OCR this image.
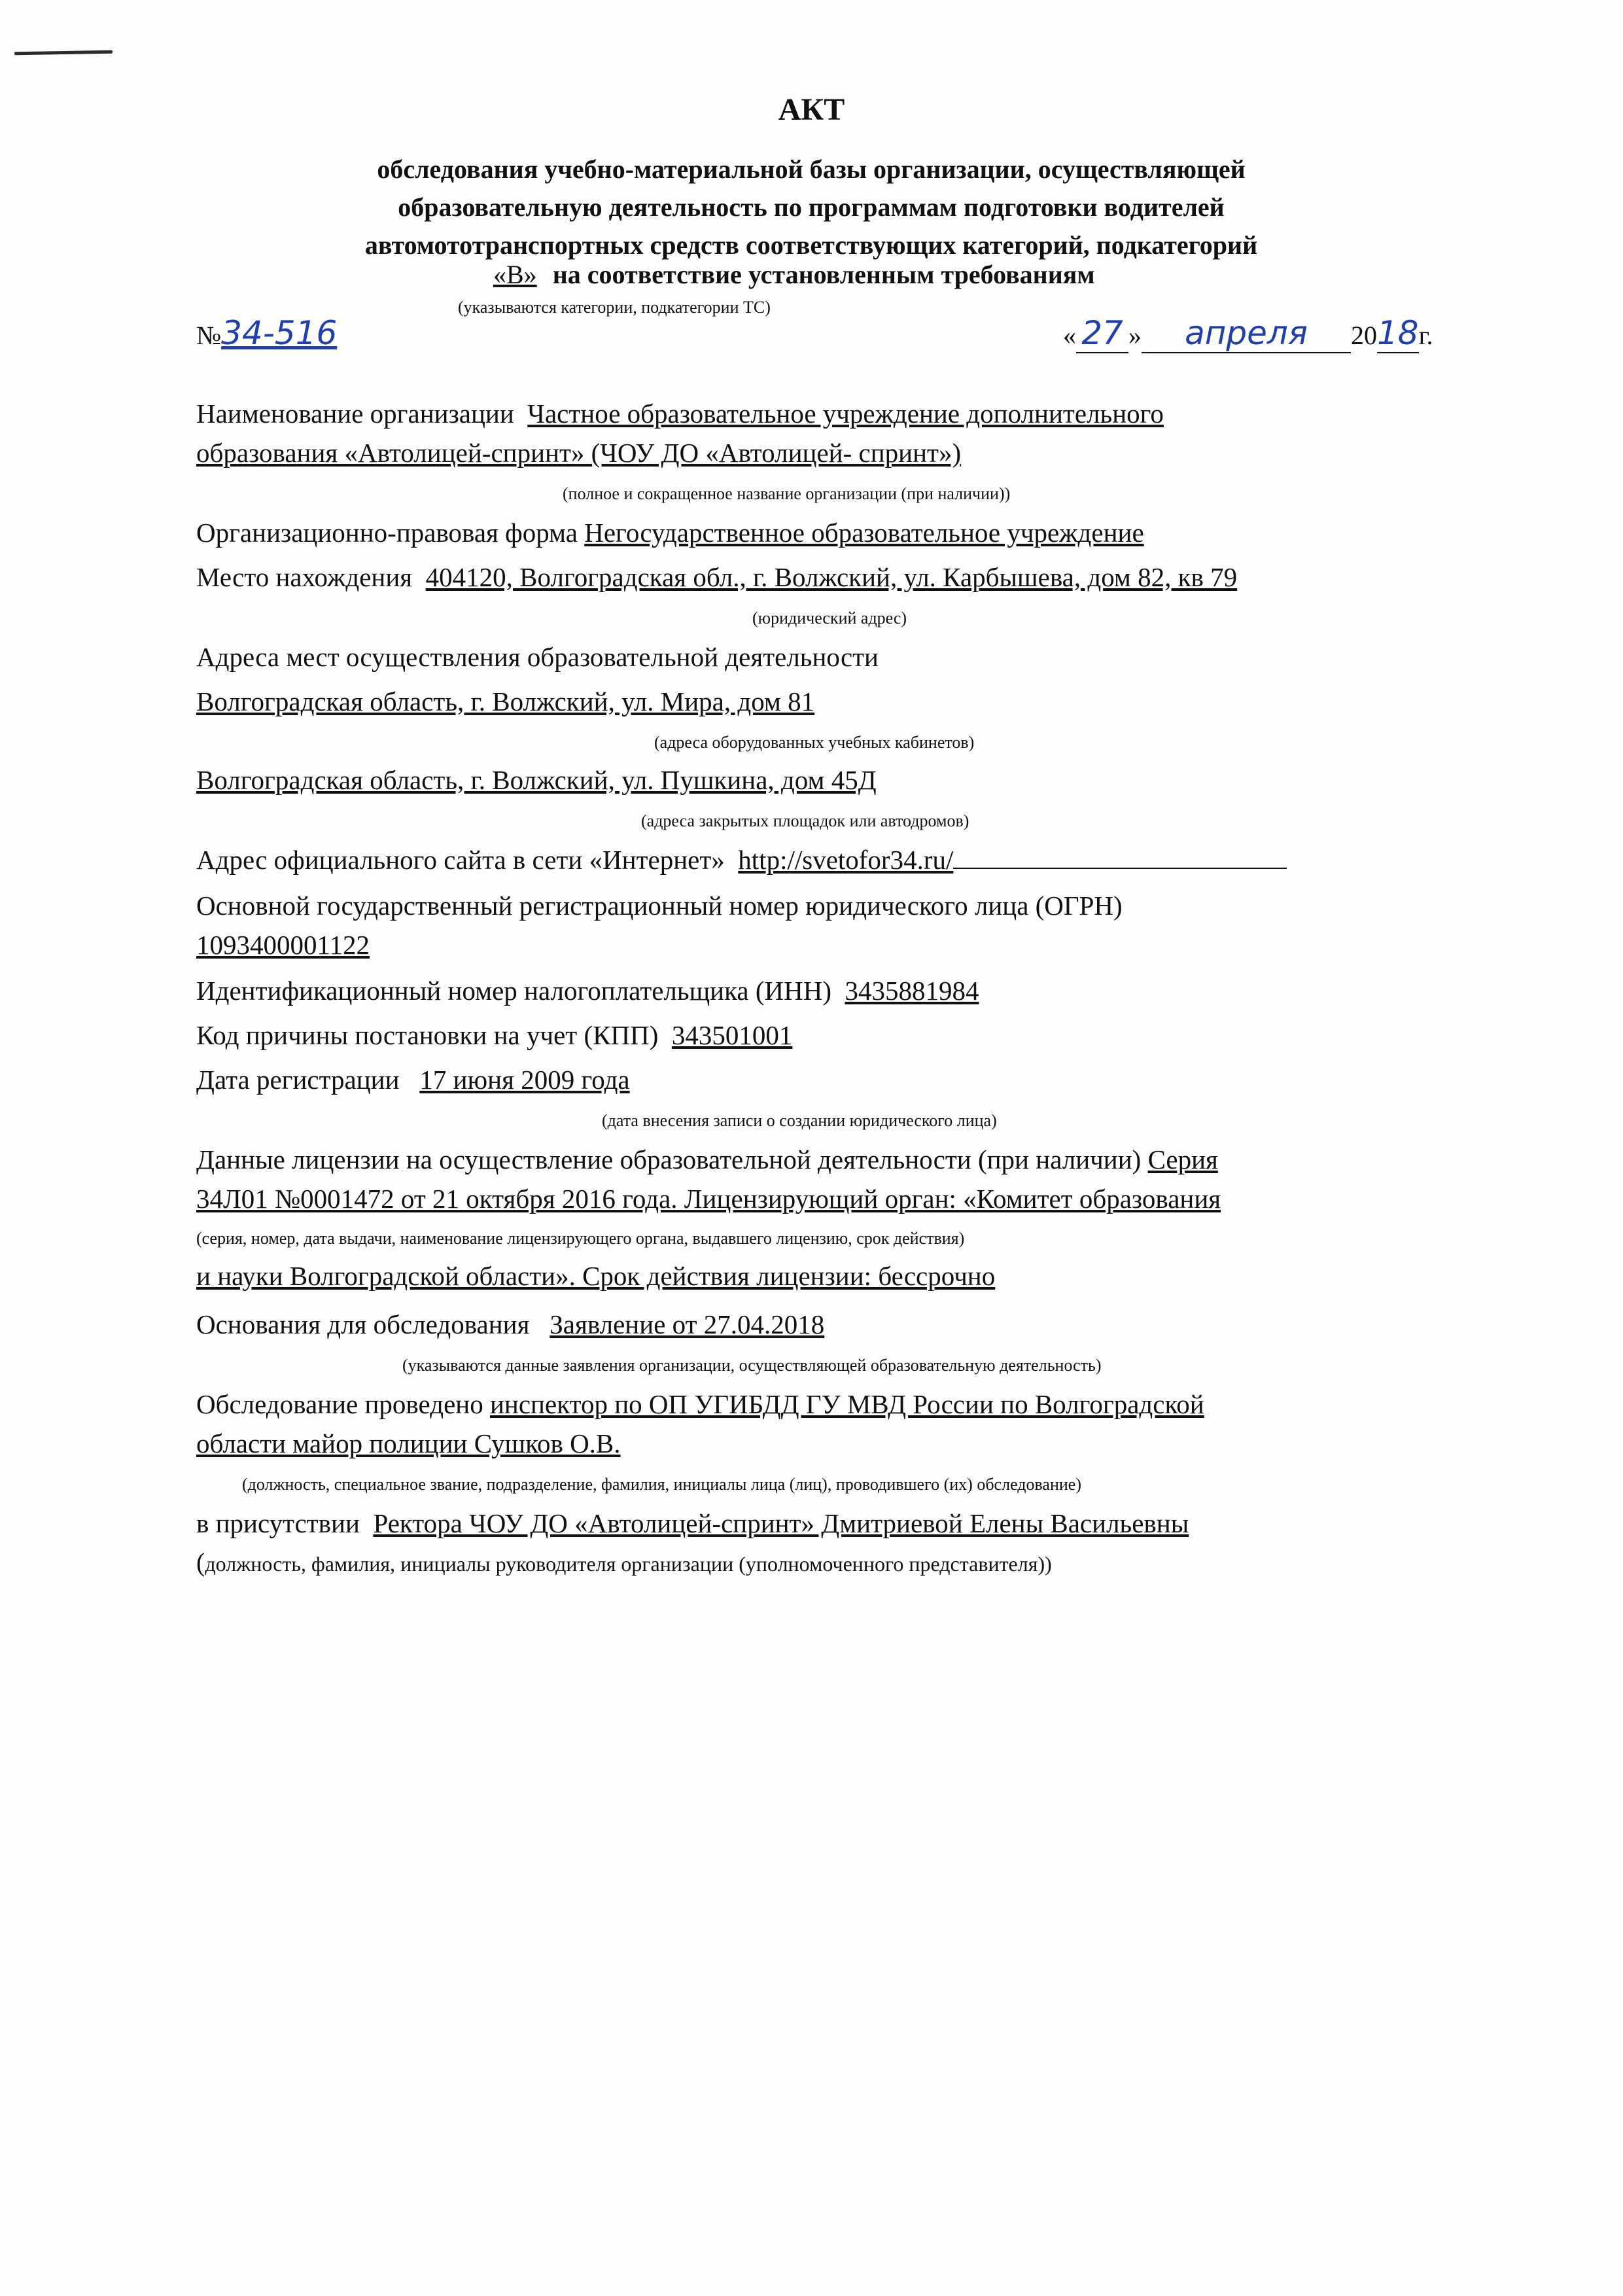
АКТ
обследования учебно-материальной базы организации, осуществляющей
образовательную деятельность по программам подготовки водителей
автомототранспортных средств соответствующих категорий, подкатегорий
«B» на соответствие установленным требованиям
(указываются категории, подкатегории ТС)
№34-516	« 27 » апреля 2018г.
Наименование организации Частное образовательное учреждение дополнительного
образования «Автолицей-спринт» (ЧОУ ДО «Автолицей- спринт»)
(полное и сокращенное название организации (при наличии))
Организационно-правовая форма Негосударственное образовательное учреждение
Место нахождения 404120, Волгоградская обл., г. Волжский, ул. Карбышева, дом 82, кв 79
(юридический адрес)
Адреса мест осуществления образовательной деятельности
Волгоградская область, г. Волжский, ул. Мира, дом 81
(адреса оборудованных учебных кабинетов)
Волгоградская область, г. Волжский, ул. Пушкина, дом 45Д
(адреса закрытых площадок или автодромов)
Адрес официального сайта в сети «Интернет» http://svetofor34.ru/
Основной государственный регистрационный номер юридического лица (ОГРН)
1093400001122
Идентификационный номер налогоплательщика (ИНН) 3435881984
Код причины постановки на учет (КПП) 343501001
Дата регистрации 17 июня 2009 года
(дата внесения записи о создании юридического лица)
Данные лицензии на осуществление образовательной деятельности (при наличии) Серия
34Л01 №0001472 от 21 октября 2016 года. Лицензирующий орган: «Комитет образования
(серия, номер, дата выдачи, наименование лицензирующего органа, выдавшего лицензию, срок действия)
и науки Волгоградской области». Срок действия лицензии: бессрочно
Основания для обследования Заявление от 27.04.2018
(указываются данные заявления организации, осуществляющей образовательную деятельность)
Обследование проведено инспектор по ОП УГИБДД ГУ МВД России по Волгоградской
области майор полиции Сушков О.В.
(должность, специальное звание, подразделение, фамилия, инициалы лица (лиц), проводившего (их) обследование)
в присутствии Ректора ЧОУ ДО «Автолицей-спринт» Дмитриевой Елены Васильевны
(должность, фамилия, инициалы руководителя организации (уполномоченного представителя))
